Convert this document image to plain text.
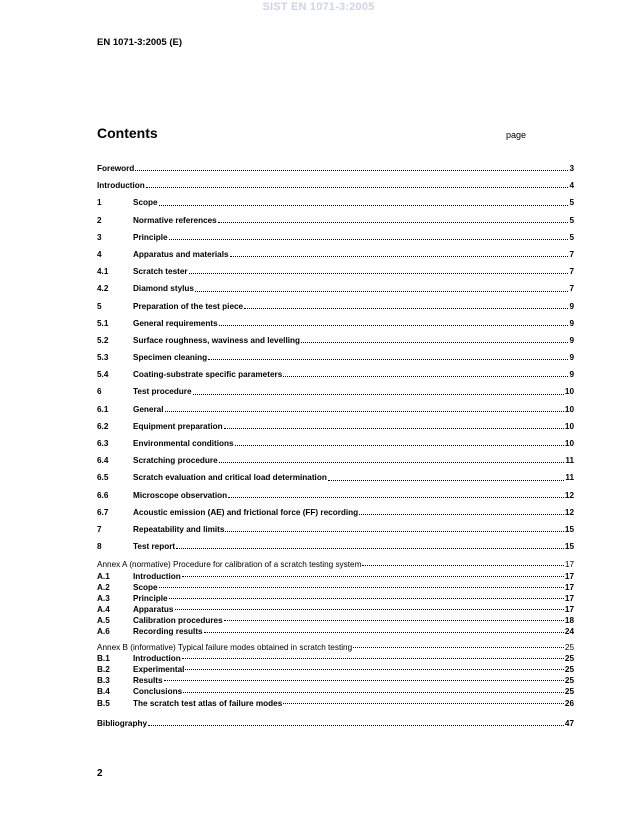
SIST EN 1071-3:2005
EN 1071-3:2005 (E)
Contents	page
Foreword	3
Introduction	4
1	Scope	5
2	Normative references	5
3	Principle	5
4	Apparatus and materials	7
4.1	Scratch tester	7
4.2	Diamond stylus	7
5	Preparation of the test piece	9
5.1	General requirements	9
5.2	Surface roughness, waviness and levelling	9
5.3	Specimen cleaning	9
5.4	Coating-substrate specific parameters	9
6	Test procedure	10
6.1	General	10
6.2	Equipment preparation	10
6.3	Environmental conditions	10
6.4	Scratching procedure	11
6.5	Scratch evaluation and critical load determination	11
6.6	Microscope observation	12
6.7	Acoustic emission (AE) and frictional force (FF) recording	12
7	Repeatability and limits	15
8	Test report	15
Annex A (normative) Procedure for calibration of a scratch testing system	17
A.1	Introduction	17
A.2	Scope	17
A.3	Principle	17
A.4	Apparatus	17
A.5	Calibration procedures	18
A.6	Recording results	24
Annex B (informative) Typical failure modes obtained in scratch testing	25
B.1	Introduction	25
B.2	Experimental	25
B.3	Results	25
B.4	Conclusions	25
B.5	The scratch test atlas of failure modes	26
Bibliography	47
2
